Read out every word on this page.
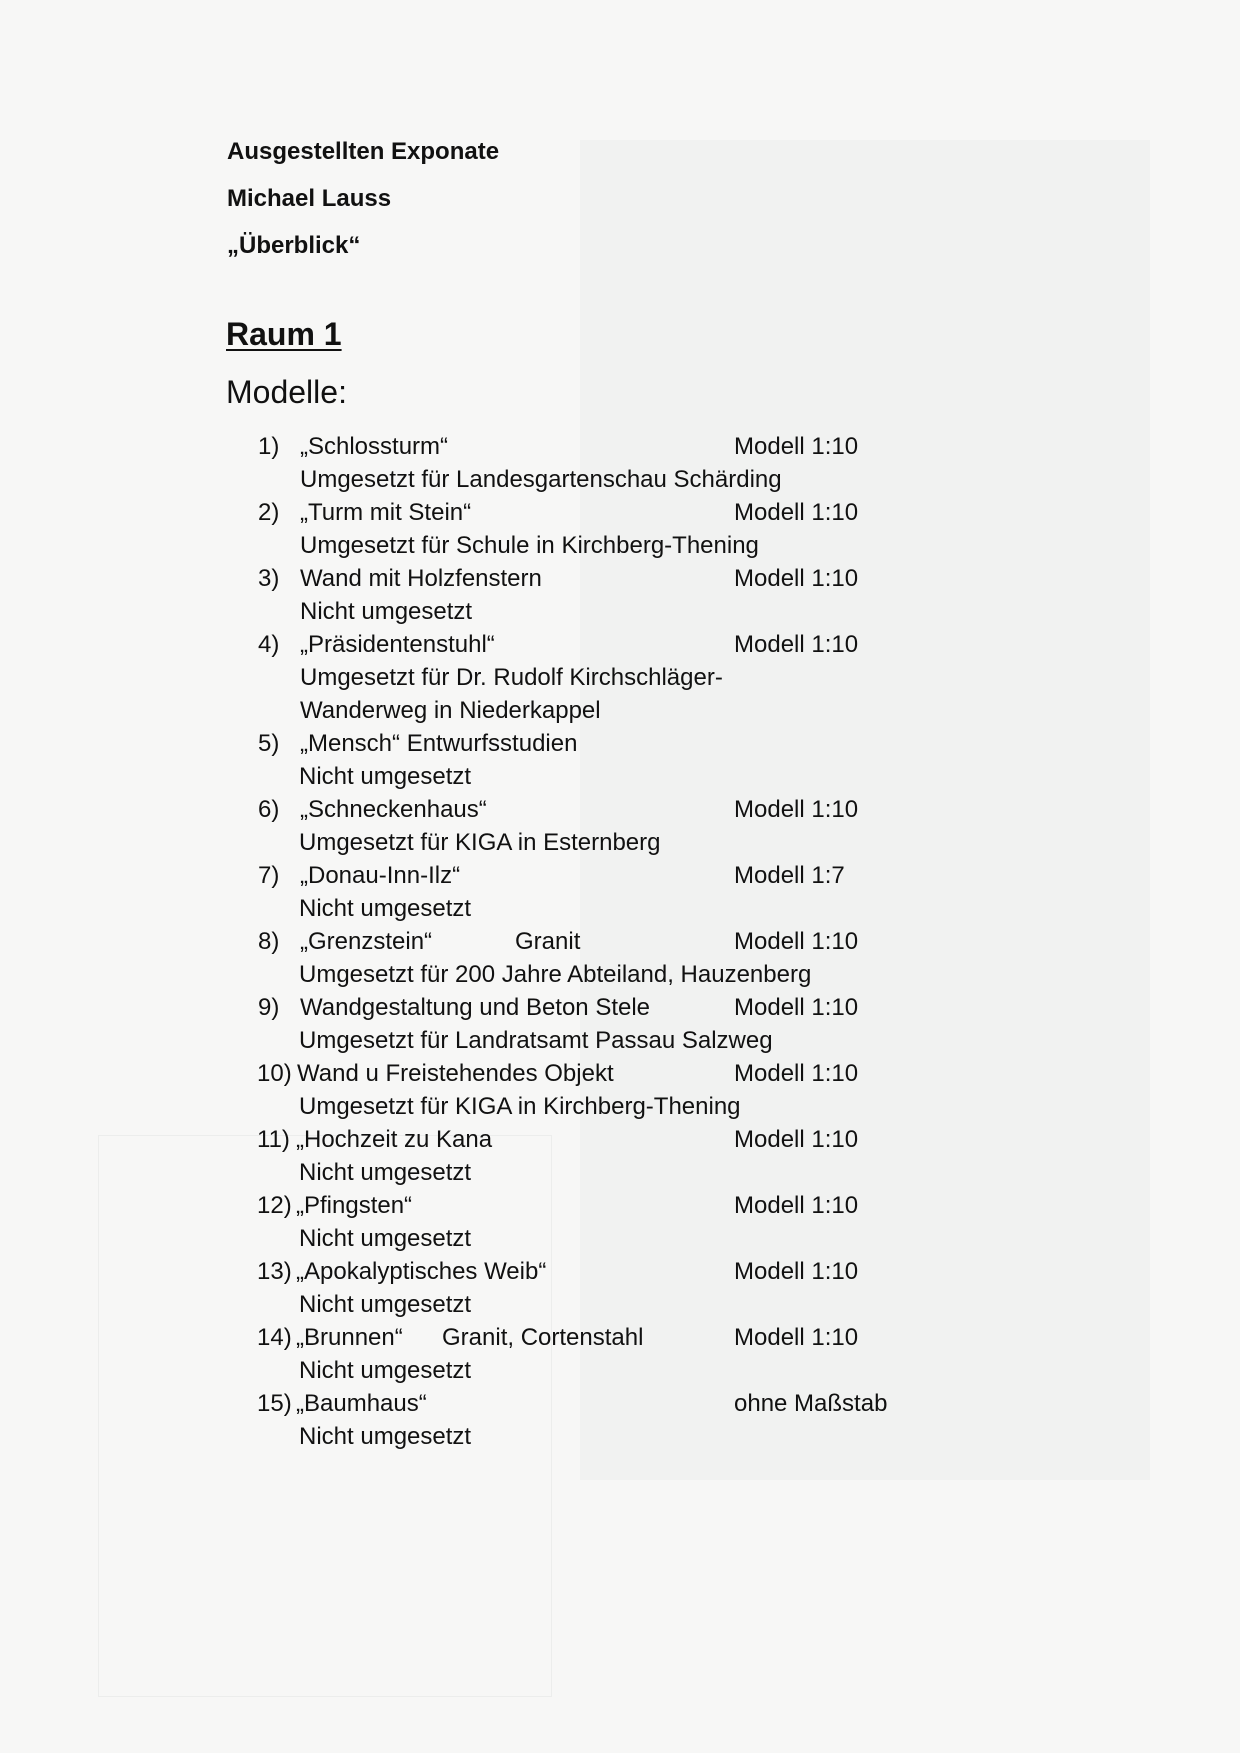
Ausgestellten Exponate
Michael Lauss
„Überblick“
Raum 1
Modelle:
1) „Schlossturm“	Modell 1:10
Umgesetzt für Landesgartenschau Schärding
2) „Turm mit Stein“	Modell 1:10
Umgesetzt für Schule in Kirchberg-Thening
3) Wand mit Holzfenstern	Modell 1:10
Nicht umgesetzt
4) „Präsidentenstuhl“	Modell 1:10
Umgesetzt für Dr. Rudolf Kirchschläger-
Wanderweg in Niederkappel
5) „Mensch“ Entwurfsstudien
Nicht umgesetzt
6) „Schneckenhaus“	Modell 1:10
Umgesetzt für KIGA in Esternberg
7) „Donau-Inn-Ilz“	Modell 1:7
Nicht umgesetzt
8) „Grenzstein“	Granit	Modell 1:10
Umgesetzt für 200 Jahre Abteiland, Hauzenberg
9) Wandgestaltung und Beton Stele	Modell 1:10
Umgesetzt für Landratsamt Passau Salzweg
10) Wand u Freistehendes Objekt	Modell 1:10
Umgesetzt für KIGA in Kirchberg-Thening
11) „Hochzeit zu Kana	Modell 1:10
Nicht umgesetzt
12) „Pfingsten“	Modell 1:10
Nicht umgesetzt
13) „Apokalyptisches Weib“	Modell 1:10
Nicht umgesetzt
14) „Brunnen“ Granit, Cortenstahl	Modell 1:10
Nicht umgesetzt
15) „Baumhaus“	ohne Maßstab
Nicht umgesetzt
